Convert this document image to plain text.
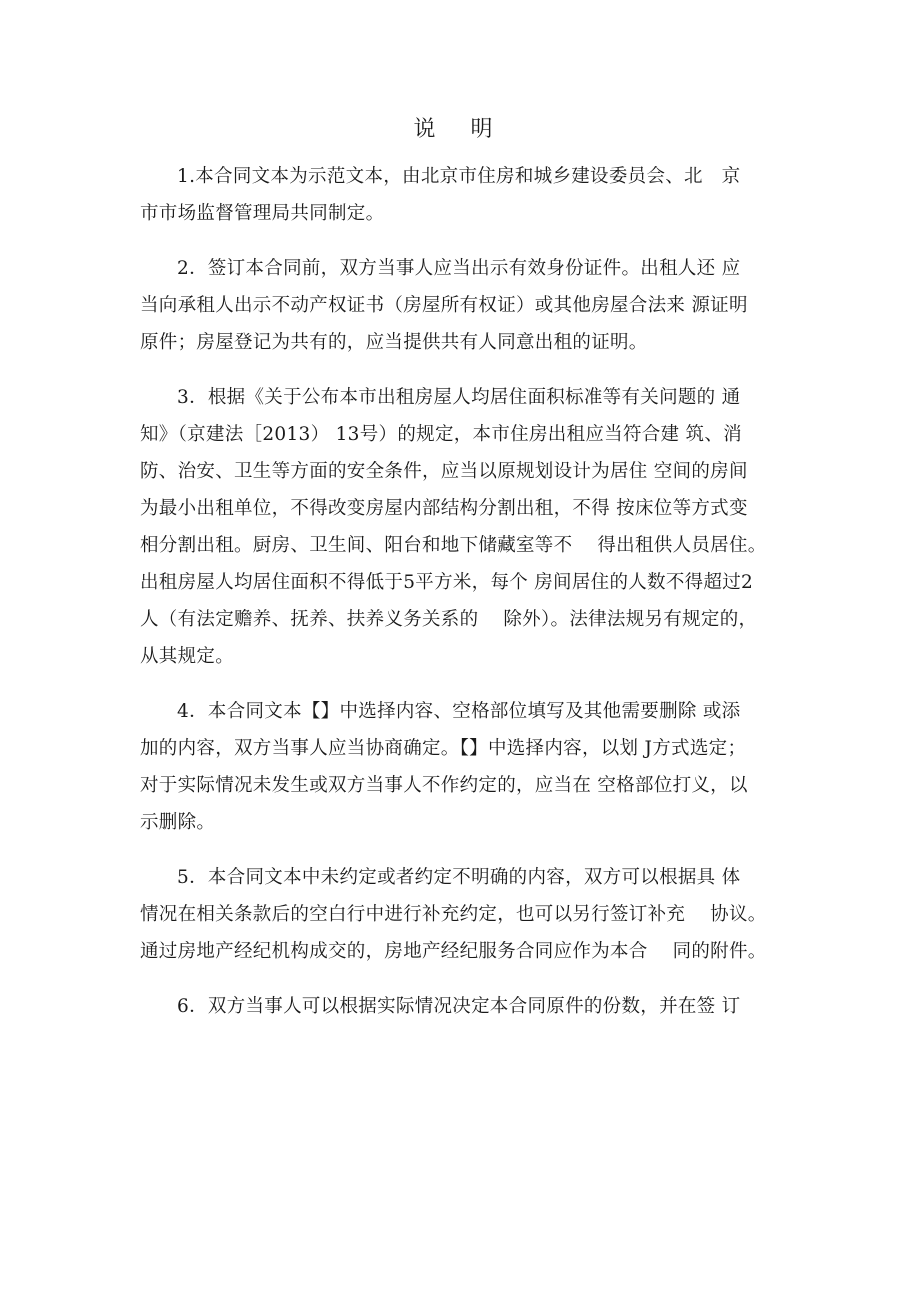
说 明

1.本合同文本为示范文本，由北京市住房和城乡建设委员会、北　京
市市场监督管理局共同制定。

2．签订本合同前，双方当事人应当出示有效身份证件。出租人还 应
当向承租人出示不动产权证书（房屋所有权证）或其他房屋合法来 源证明
原件；房屋登记为共有的，应当提供共有人同意出租的证明。

3．根据《关于公布本市出租房屋人均居住面积标准等有关问题的 通
知》（京建法［2013） 13号）的规定，本市住房出租应当符合建 筑、消
防、治安、卫生等方面的安全条件，应当以原规划设计为居住 空间的房间
为最小出租单位，不得改变房屋内部结构分割出租，不得 按床位等方式变
相分割出租。厨房、卫生间、阳台和地下储藏室等不　 得出租供人员居住。
出租房屋人均居住面积不得低于5平方米，每个 房间居住的人数不得超过2
人（有法定赡养、抚养、扶养义务关系的　 除外）。法律法规另有规定的，
从其规定。

4．本合同文本【】中选择内容、空格部位填写及其他需要删除 或添
加的内容，双方当事人应当协商确定。【】中选择内容，以划 J方式选定；
对于实际情况未发生或双方当事人不作约定的，应当在 空格部位打义，以
示删除。

5．本合同文本中未约定或者约定不明确的内容，双方可以根据具 体
情况在相关条款后的空白行中进行补充约定，也可以另行签订补充　 协议。
通过房地产经纪机构成交的，房地产经纪服务合同应作为本合　 同的附件。

6．双方当事人可以根据实际情况决定本合同原件的份数，并在签 订
